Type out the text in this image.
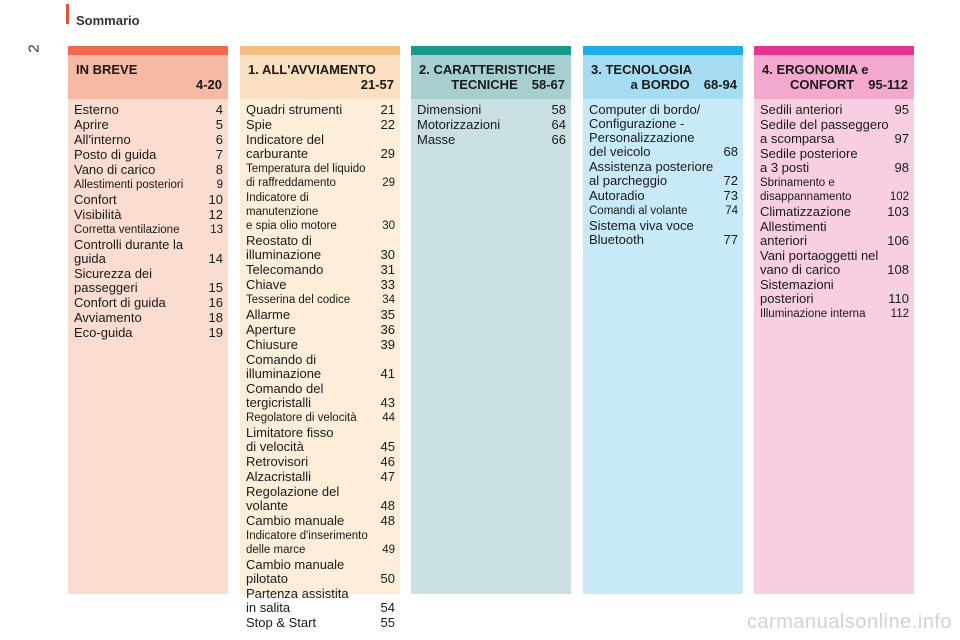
Sommario
2
IN BREVE
4-20
Esterno	4
Aprire	5
All'interno	6
Posto di guida	7
Vano di carico	8
Allestimenti posteriori	9
Confort	10
Visibilità	12
Corretta ventilazione	13
Controlli durante la
guida	14
Sicurezza dei
passeggeri	15
Confort di guida	16
Avviamento	18
Eco-guida	19
1. ALL'AVVIAMENTO
21-57
Quadri strumenti	21
Spie	22
Indicatore del
carburante	29
Temperatura del liquido
di raffreddamento	29
Indicatore di
manutenzione
e spia olio motore	30
Reostato di
illuminazione	30
Telecomando	31
Chiave	33
Tesserina del codice	34
Allarme	35
Aperture	36
Chiusure	39
Comando di
illuminazione	41
Comando del
tergicristalli	43
Regolatore di velocità	44
Limitatore fisso
di velocità	45
Retrovisori	46
Alzacristalli	47
Regolazione del
volante	48
Cambio manuale	48
Indicatore d'inserimento
delle marce	49
Cambio manuale
pilotato	50
Partenza assistita
in salita	54
Stop & Start	55
2. CARATTERISTICHE
TECNICHE 58-67
Dimensioni	58
Motorizzazioni	64
Masse	66
3. TECNOLOGIA
a BORDO 68-94
Computer di bordo/
Configurazione -
Personalizzazione
del veicolo	68
Assistenza posteriore
al parcheggio	72
Autoradio	73
Comandi al volante	74
Sistema viva voce
Bluetooth	77
4. ERGONOMIA e
CONFORT 95-112
Sedili anteriori	95
Sedile del passeggero
a scomparsa	97
Sedile posteriore
a 3 posti	98
Sbrinamento e
disappannamento	102
Climatizzazione	103
Allestimenti
anteriori	106
Vani portaoggetti nel
vano di carico	108
Sistemazioni
posteriori	110
Illuminazione interna	112
carmanualsonline.info
